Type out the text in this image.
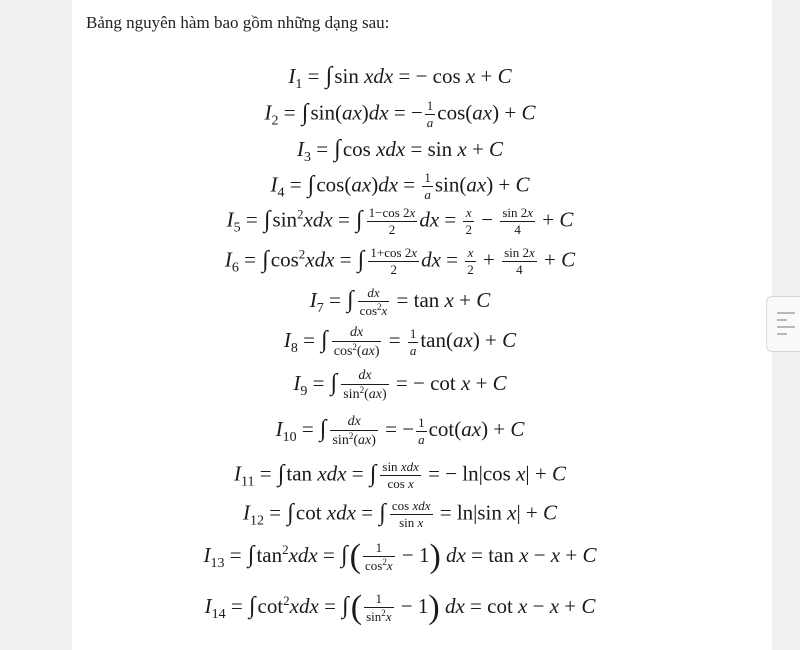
Bảng nguyên hàm bao gồm những dạng sau:
$I_1 = \int\sin$ xdx = − cos x + C
$I_2 = \int\sin(ax)dx$ = − $\frac{1}{a} \cos(ax) + C$
$I_3 = \int\cos$ xdx = sin x + C
$I_4 = \int\cos(ax)dx = \frac{1}{a} \sin(ax) + C$
$I_5 = \int\sin^2xdx$ = ∫ $\frac{1-\cos 2x}{2}$ dx = $\frac{x}{2} - \frac{\sin 2x}{4} + C$
$I_6 = \int\cos^2xdx$ = ∫ $\frac{1+\cos 2x}{2}$ dx = $\frac{x}{2} + \frac{\sin 2x}{4} + C$
$I_7$ = ∫ $\frac{dx}{\cos^2x} = \tan x + C$
$I_8$ = ∫ $\frac{dx}{\cos^2(ax)} = \frac{1}{a} \tan(ax) + C$
$I_9$ = ∫ $\frac{dx}{\sin^2(ax)}$ = − cot x + C
$I_{10}$ = ∫ $\frac{dx}{\sin^2(ax)}$ = − $\frac{1}{a} \cot(ax) + C$
$I_{11} = \int\tan$ xdx = ∫ $\frac{\text{sin xdx}}{\text{cos x}}$ = − ln|cos x| + C
$I_{12} = \int\cot$ xdx = ∫ $\frac{\text{cos xdx}}{\text{sin x}} = \ln|\sin$ x| + C
$I_{13} = \int\tan^2xdx$ = ∫( $\frac{1}{\cos^2x} - 1$) dx = tan x − x + C
$I_{14} = \int\cot^2xdx$ = ∫( $\frac{1}{\sin^2x} - 1$) dx = cot x − x + C
